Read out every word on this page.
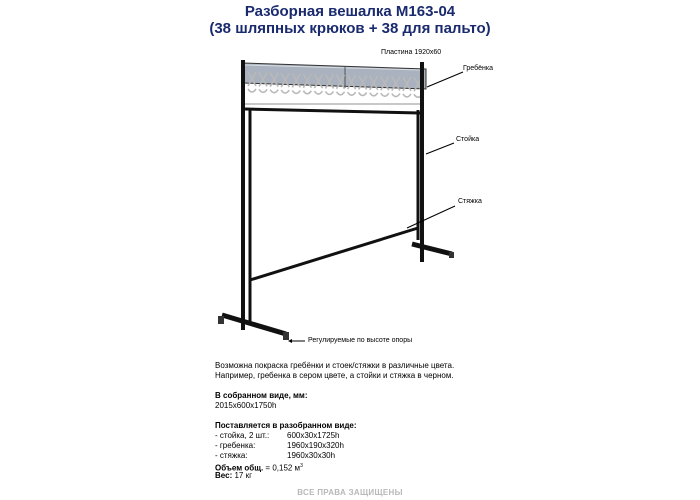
Разборная вешалка М163-04
(38 шляпных крюков + 38 для пальто)
Пластина 1920x60
Гребёнка
Стойка
Стяжка
Регулируемые по высоте опоры
Возможна покраска гребёнки и стоек/стяжки в различные цвета.
Например, гребенка в сером цвете, а стойки и стяжка в черном.
В собранном виде, мм:
2015x600x1750h
Поставляется в разобранном виде:
- стойка, 2 шт.: 600x30x1725h
- гребенка:	1960x190x320h
- стяжка:	1960x30x30h
Объем общ. = 0,152 $м^3$
Вес: 17 кг
ВСЕ ПРАВА ЗАЩИЩЕНЫ
